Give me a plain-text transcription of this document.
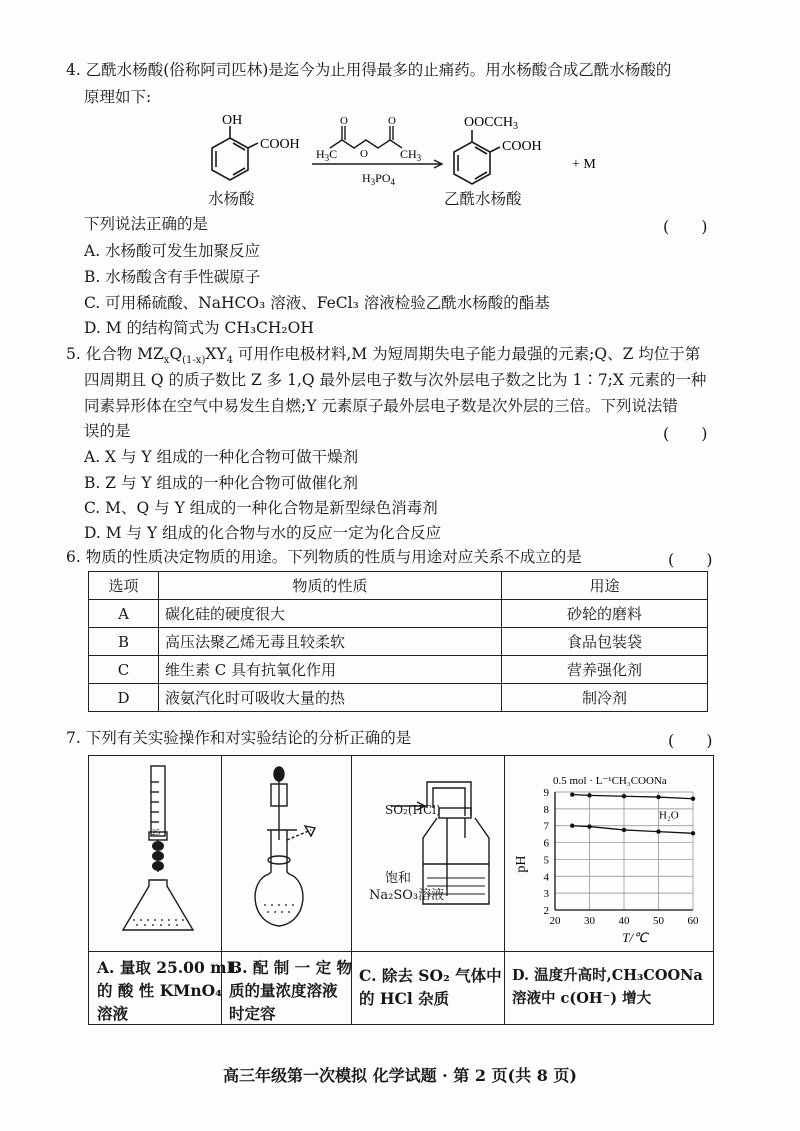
4. 乙酰水杨酸(俗称阿司匹林)是迄今为止用得最多的止痛药。用水杨酸合成乙酰水杨酸的
原理如下:
OH
COOH
O	O
O
$H_3C$	$CH_3$
$H_3PO_4$
$OOCCH_3$
COOH
+ M
水杨酸	乙酰水杨酸
下列说法正确的是	(　　)
A. 水杨酸可发生加聚反应
B. 水杨酸含有手性碳原子
C. 可用稀硫酸、NaHCO₃ 溶液、FeCl₃ 溶液检验乙酰水杨酸的酯基
D. M 的结构简式为 CH₃CH₂OH
5. 化合物 $MZ_xQ_{(1-x)}XY_4$ 可用作电极材料,M 为短周期失电子能力最强的元素;Q、Z 均位于第
四周期且 Q 的质子数比 Z 多 1,Q 最外层电子数与次外层电子数之比为 1∶7;X 元素的一种
同素异形体在空气中易发生自燃;Y 元素原子最外层电子数是次外层的三倍。下列说法错
误的是	(　　)
A. X 与 Y 组成的一种化合物可做干燥剂
B. Z 与 Y 组成的一种化合物可做催化剂
C. M、Q 与 Y 组成的一种化合物是新型绿色消毒剂
D. M 与 Y 组成的化合物与水的反应一定为化合反应
6. 物质的性质决定物质的用途。下列物质的性质与用途对应关系不成立的是	(　　)
选项	物质的性质	用途
A	碳化硅的硬度很大	砂轮的磨料
B	高压法聚乙烯无毒且较柔软	食品包装袋
C	维生素 C 具有抗氧化作用	营养强化剂
D	液氨汽化时可吸收大量的热	制冷剂
7. 下列有关实验操作和对实验结论的分析正确的是	(　　)
25
SO₂(HCl)
饱和
Na₂SO₃溶液
pH
T/℃
2
3
4
5
6
7
8
9
20 30 40 50 60
0.5 mol · L⁻¹CH₃COONa
H₂O
A. 量取 25.00 mL
的 酸 性 KMnO₄
溶液
B. 配 制 一 定 物
质的量浓度溶液
时定容
C. 除去 SO₂ 气体中
的 HCl 杂质
D. 温度升高时,CH₃COONa
溶液中 c(OH⁻) 增大
高三年级第一次模拟 化学试题 · 第 2 页(共 8 页)
